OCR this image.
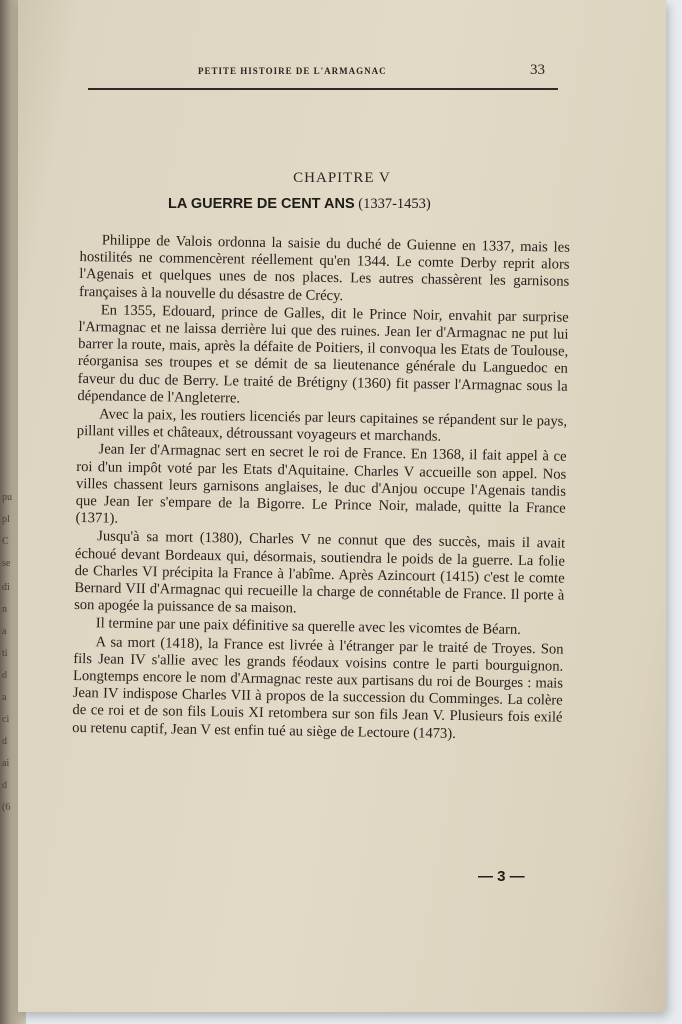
pu
pl
C
se
di
n
a
ti
d
a
ci
d
ai
d
(6
PETITE HISTOIRE DE L'ARMAGNAC	33
CHAPITRE V
LA GUERRE DE CENT ANS (1337-1453)

Philippe de Valois ordonna la saisie du duché de Guienne en 1337, mais les hostilités ne commencèrent réellement qu'en 1344. Le comte Derby reprit alors l'Agenais et quelques unes de nos places. Les autres chassèrent les garnisons françaises à la nouvelle du désastre de Crécy.

En 1355, Edouard, prince de Galles, dit le Prince Noir, envahit par surprise l'Armagnac et ne laissa derrière lui que des ruines. Jean Ier d'Armagnac ne put lui barrer la route, mais, après la défaite de Poitiers, il convoqua les Etats de Toulouse, réorganisa ses troupes et se démit de sa lieutenance générale du Languedoc en faveur du duc de Berry. Le traité de Brétigny (1360) fit passer l'Armagnac sous la dépendance de l'Angleterre.

Avec la paix, les routiers licenciés par leurs capitaines se répandent sur le pays, pillant villes et châteaux, détroussant voyageurs et marchands.

Jean Ier d'Armagnac sert en secret le roi de France. En 1368, il fait appel à ce roi d'un impôt voté par les Etats d'Aquitaine. Charles V accueille son appel. Nos villes chassent leurs garnisons anglaises, le duc d'Anjou occupe l'Agenais tandis que Jean Ier s'empare de la Bigorre. Le Prince Noir, malade, quitte la France (1371).

Jusqu'à sa mort (1380), Charles V ne connut que des succès, mais il avait échoué devant Bordeaux qui, désormais, soutiendra le poids de la guerre. La folie de Charles VI précipita la France à l'abîme. Après Azincourt (1415) c'est le comte Bernard VII d'Armagnac qui recueille la charge de connétable de France. Il porte à son apogée la puissance de sa maison.

Il termine par une paix définitive sa querelle avec les vicomtes de Béarn.

A sa mort (1418), la France est livrée à l'étranger par le traité de Troyes. Son fils Jean IV s'allie avec les grands féodaux voisins contre le parti bourguignon. Longtemps encore le nom d'Armagnac reste aux partisans du roi de Bourges : mais Jean IV indispose Charles VII à propos de la succession du Comminges. La colère de ce roi et de son fils Louis XI retombera sur son fils Jean V. Plusieurs fois exilé ou retenu captif, Jean V est enfin tué au siège de Lectoure (1473).

— 3 —
